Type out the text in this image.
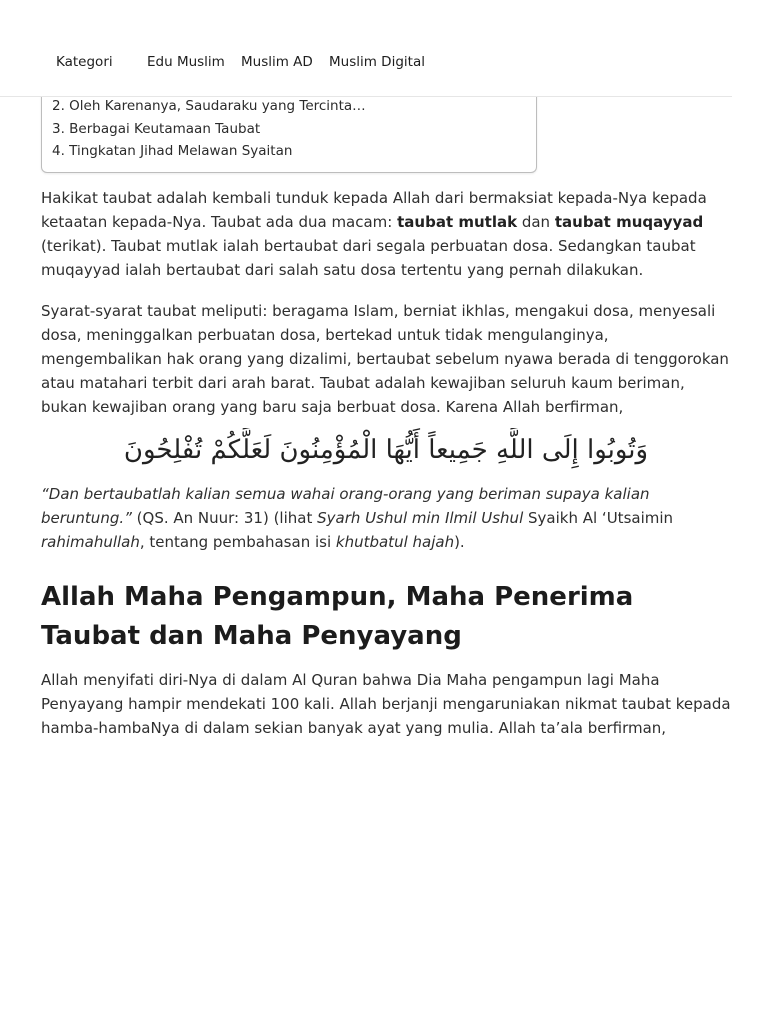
Kategori	Edu Muslim Muslim AD Muslim Digital
2. Oleh Karenanya, Saudaraku yang Tercinta…
3. Berbagai Keutamaan Taubat
4. Tingkatan Jihad Melawan Syaitan

Hakikat taubat adalah kembali tunduk kepada Allah dari bermaksiat kepada-Nya kepada ketaatan kepada-Nya. Taubat ada dua macam: taubat mutlak dan taubat muqayyad (terikat). Taubat mutlak ialah bertaubat dari segala perbuatan dosa. Sedangkan taubat muqayyad ialah bertaubat dari salah satu dosa tertentu yang pernah dilakukan.

Syarat-syarat taubat meliputi: beragama Islam, berniat ikhlas, mengakui dosa, menyesali dosa, meninggalkan perbuatan dosa, bertekad untuk tidak mengulanginya, mengembalikan hak orang yang dizalimi, bertaubat sebelum nyawa berada di tenggorokan atau matahari terbit dari arah barat. Taubat adalah kewajiban seluruh kaum beriman, bukan kewajiban orang yang baru saja berbuat dosa. Karena Allah berfirman,

وَتُوبُوا إِلَى اللَّهِ جَمِيعاً أَيُّهَا الْمُؤْمِنُونَ لَعَلَّكُمْ تُفْلِحُونَ

“Dan bertaubatlah kalian semua wahai orang-orang yang beriman supaya kalian beruntung.” (QS. An Nuur: 31) (lihat Syarh Ushul min Ilmil Ushul Syaikh Al ‘Utsaimin rahimahullah, tentang pembahasan isi khutbatul hajah).

Allah Maha Pengampun, Maha Penerima Taubat dan Maha Penyayang

Allah menyifati diri-Nya di dalam Al Quran bahwa Dia Maha pengampun lagi Maha Penyayang hampir mendekati 100 kali. Allah berjanji mengaruniakan nikmat taubat kepada hamba-hambaNya di dalam sekian banyak ayat yang mulia. Allah ta’ala berfirman,
